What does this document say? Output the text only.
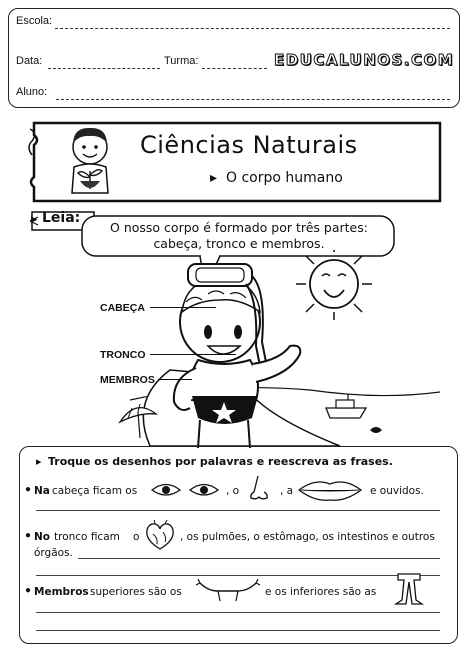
Escola:
Data:	Turma:	EDUCALUNOS.COM
Aluno:
Ciências Naturais
▸ O corpo humano
▸ Leia:
O nosso corpo é formado por três partes:
cabeça, tronco e membros.
CABEÇA
TRONCO
MEMBROS
▸ Troque os desenhos por palavras e reescreva as frases.
● Na cabeça ficam os	, o	, a	e ouvidos.
● No tronco ficam o	, os pulmões, o estômago, os intestinos e outros
órgãos.
● Membros superiores são os	e os inferiores são as
